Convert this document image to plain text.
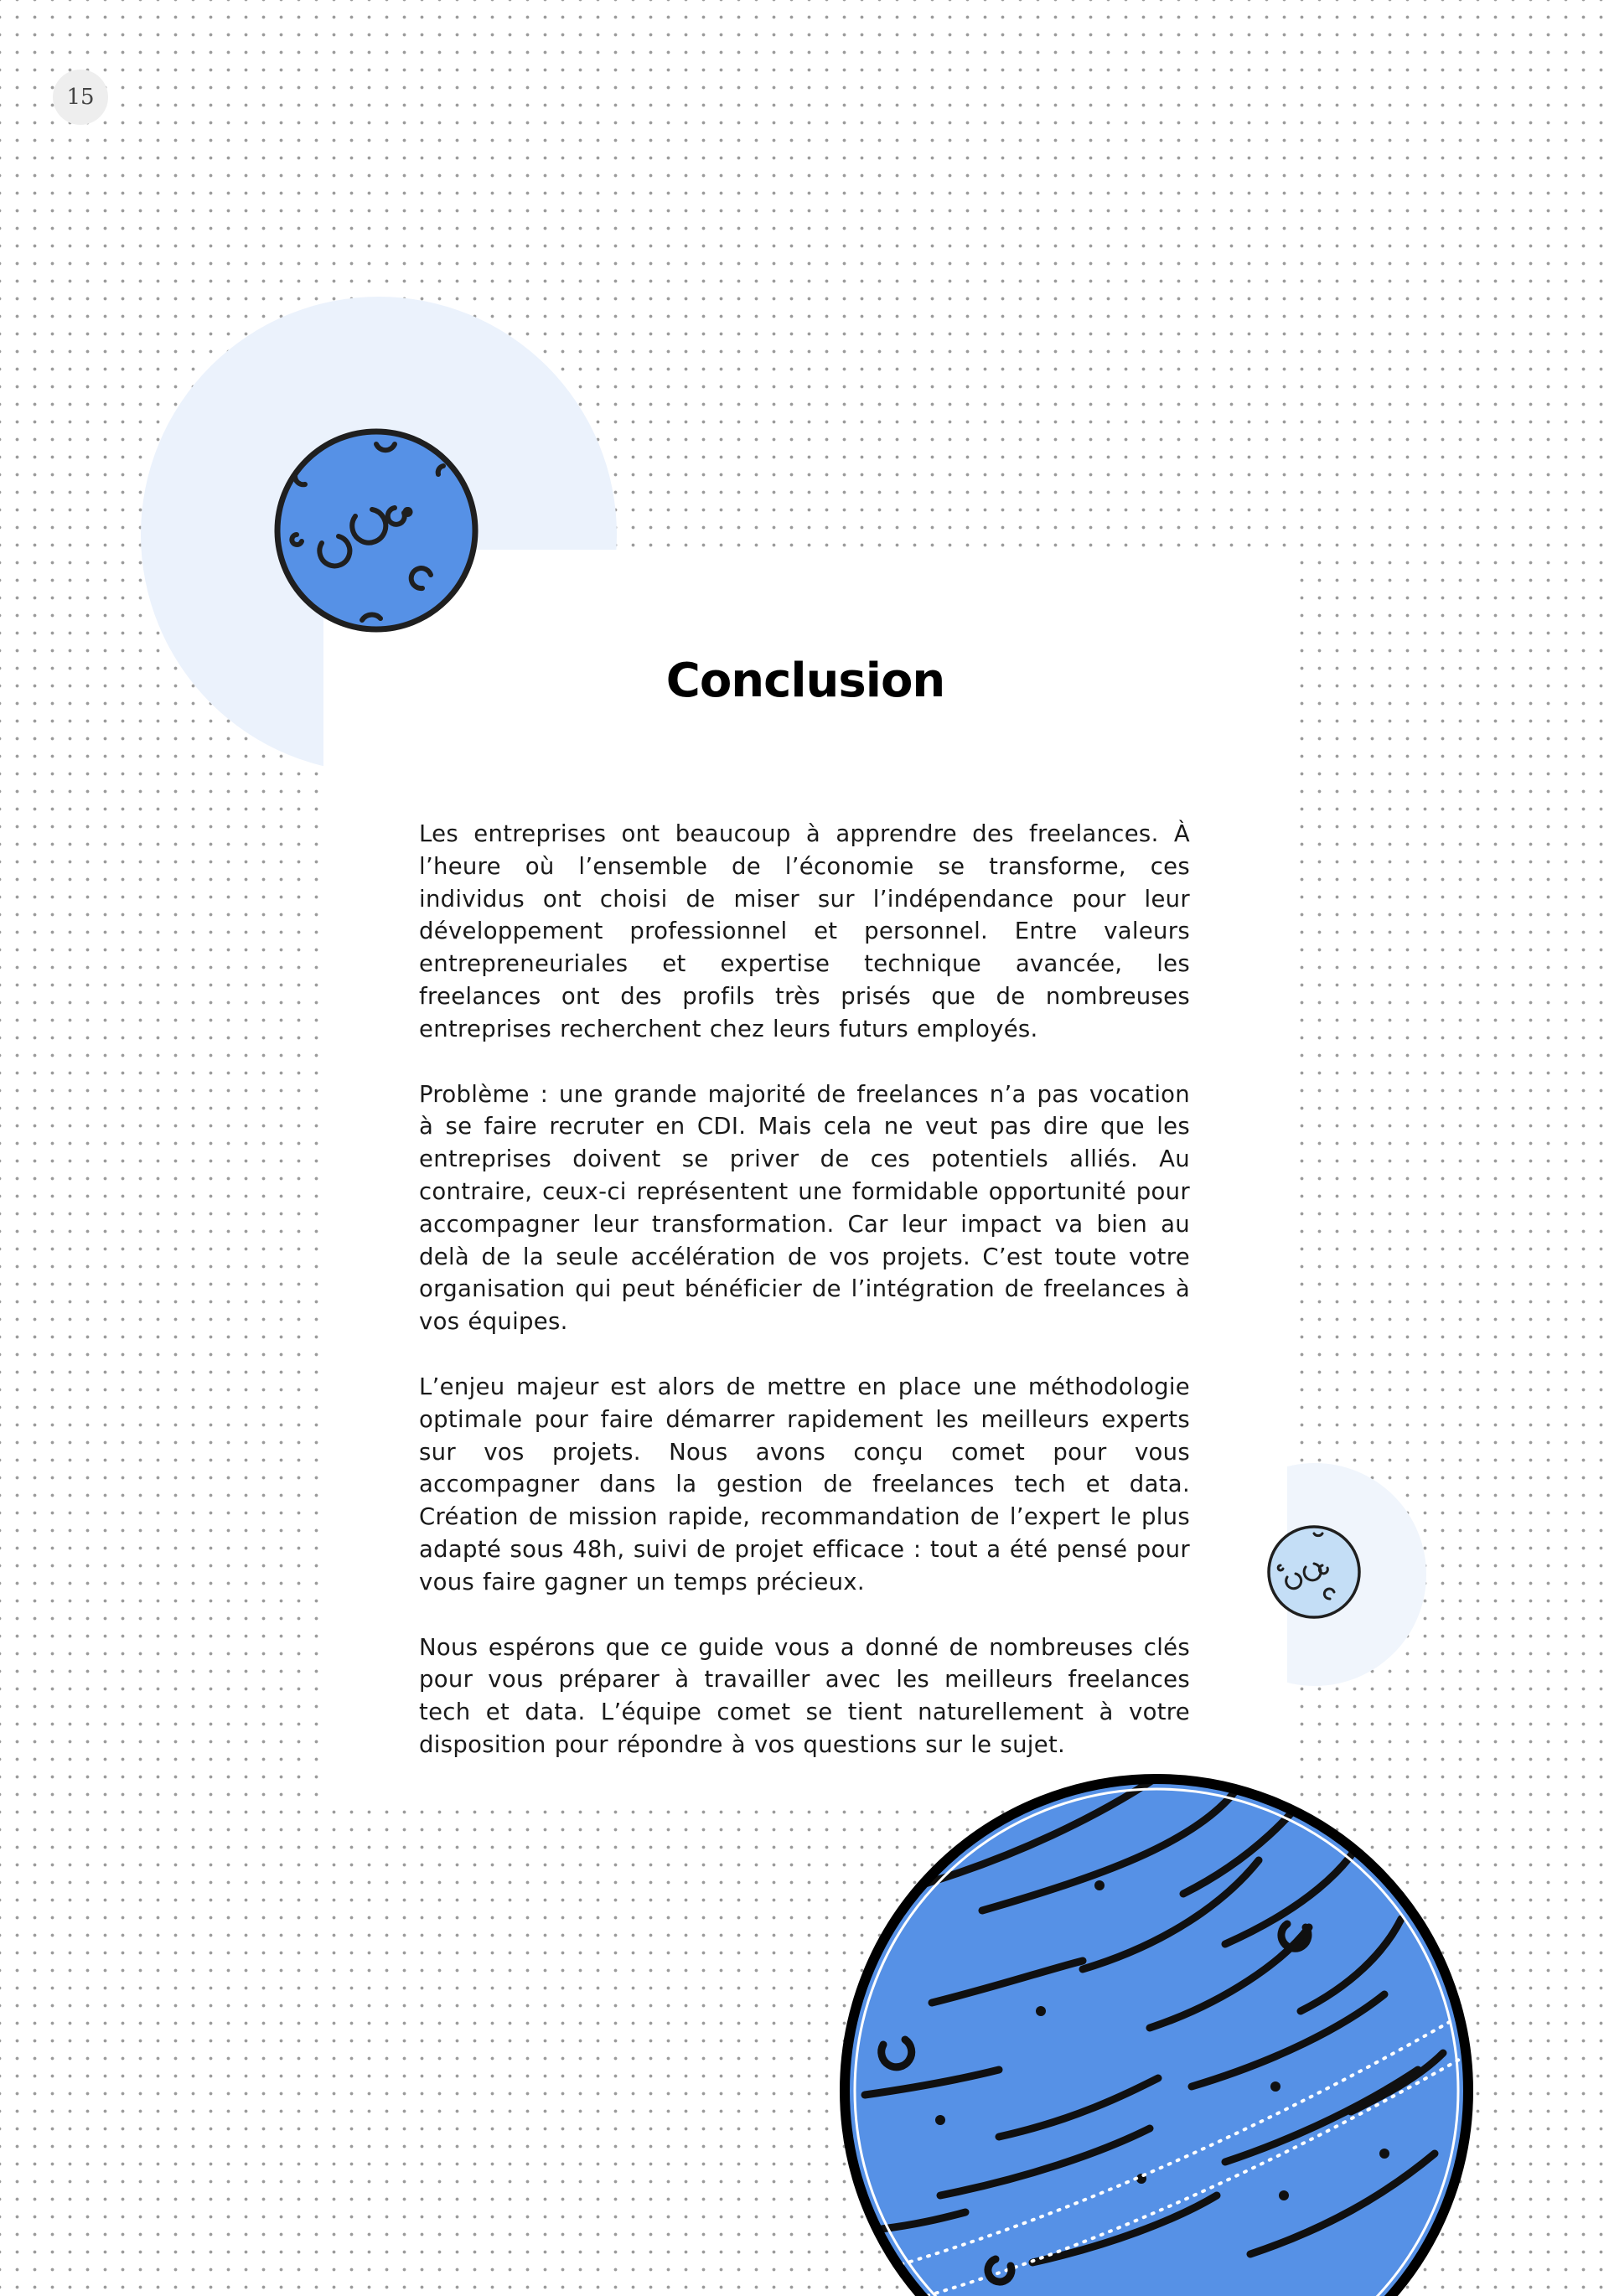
15
Conclusion

Les entreprises ont beaucoup à apprendre des freelances. À l’heure où l’ensemble de l’économie se transforme, ces individus ont choisi de miser sur l’indépendance pour leur développement professionnel et personnel. Entre valeurs entrepreneuriales et expertise technique avancée, les freelances ont des profils très prisés que de nombreuses entreprises recherchent chez leurs futurs employés.

Problème : une grande majorité de freelances n’a pas vocation à se faire recruter en CDI. Mais cela ne veut pas dire que les entreprises doivent se priver de ces potentiels alliés. Au contraire, ceux-ci représentent une formidable opportunité pour accompagner leur transformation. Car leur impact va bien au delà de la seule accélération de vos projets. C’est toute votre organisation qui peut bénéficier de l’intégration de freelances à vos équipes.

L’enjeu majeur est alors de mettre en place une méthodologie optimale pour faire démarrer rapidement les meilleurs experts sur vos projets. Nous avons conçu comet pour vous accompagner dans la gestion de freelances tech et data. Création de mission rapide, recommandation de l’expert le plus adapté sous 48h, suivi de projet efficace : tout a été pensé pour vous faire gagner un temps précieux.

Nous espérons que ce guide vous a donné de nombreuses clés pour vous préparer à travailler avec les meilleurs freelances tech et data. L’équipe comet se tient naturellement à votre disposition pour répondre à vos questions sur le sujet.
